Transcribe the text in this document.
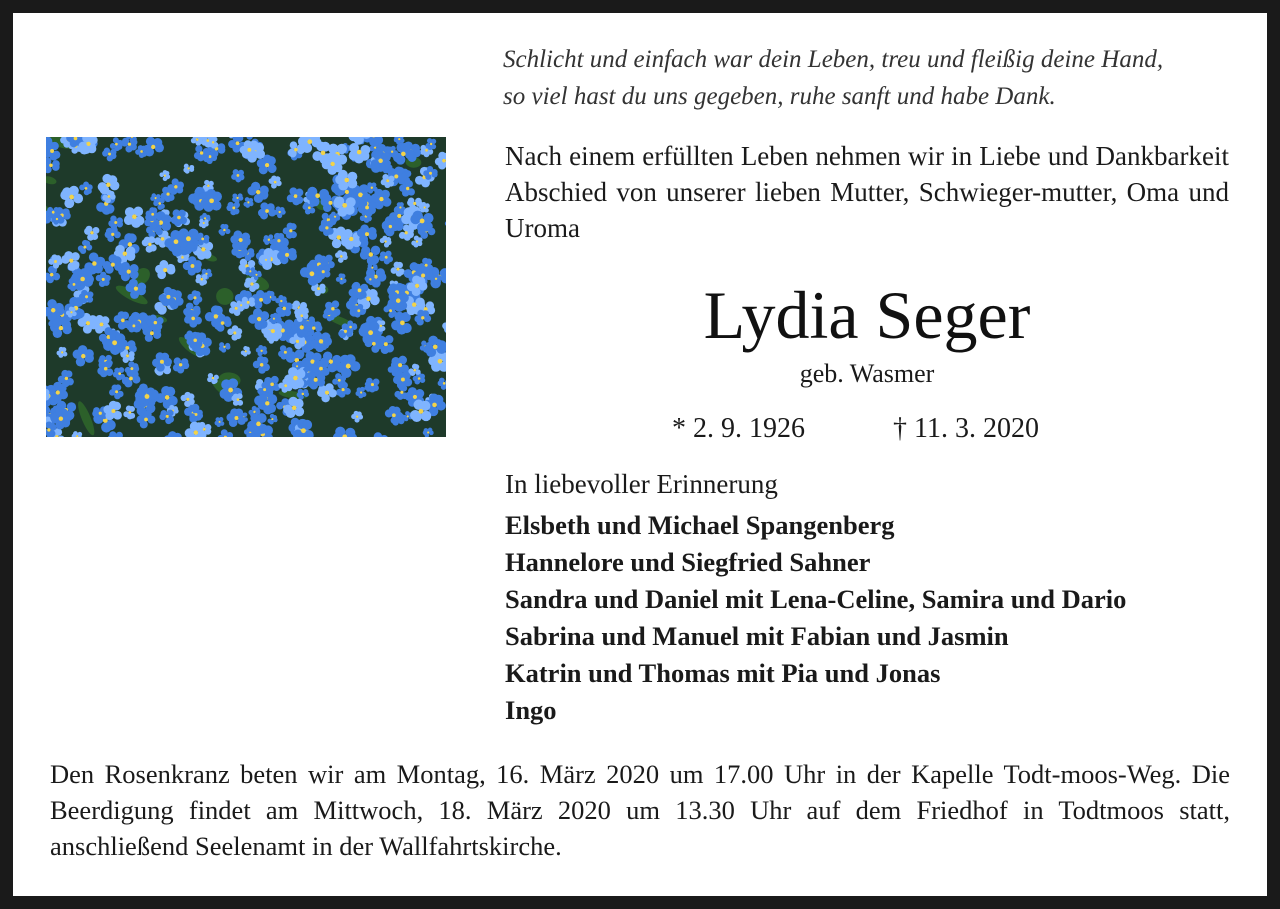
Schlicht und einfach war dein Leben, treu und fleißig deine Hand,
so viel hast du uns gegeben, ruhe sanft und habe Dank.

Nach einem erfüllten Leben nehmen wir in Liebe und Dankbarkeit Abschied von unserer lieben Mutter, Schwieger-mutter, Oma und Uroma

Lydia Seger
geb. Wasmer
* 2. 9. 1926	† 11. 3. 2020
In liebevoller Erinnerung
Elsbeth und Michael Spangenberg
Hannelore und Siegfried Sahner
Sandra und Daniel mit Lena-Celine, Samira und Dario
Sabrina und Manuel mit Fabian und Jasmin
Katrin und Thomas mit Pia und Jonas
Ingo

Den Rosenkranz beten wir am Montag, 16. März 2020 um 17.00 Uhr in der Kapelle Todt-moos-Weg. Die Beerdigung findet am Mittwoch, 18. März 2020 um 13.30 Uhr auf dem Friedhof in Todtmoos statt, anschließend Seelenamt in der Wallfahrtskirche.
